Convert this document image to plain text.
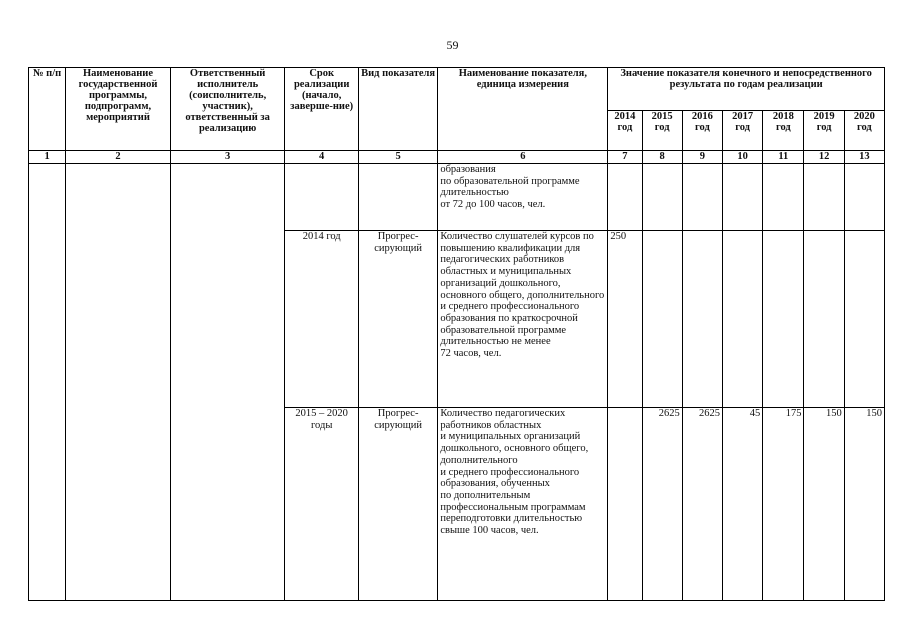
59
№ п/п	Наименование государственной программы, подпрограмм, мероприятий	Ответственный исполнитель (соисполнитель, участник), ответственный за реализацию	Срок реализации (начало, заверше-ние)	Вид показателя	Наименование показателя, единица измерения	Значение показателя конечного и непосредственного результата по годам реализации						
						2014 год	2015 год	2016 год	2017 год	2018 год	2019 год	2020 год
1	2	3	4	5	6	7	8	9	10	11	12	13
					образования
по образовательной программе длительностью
от 72 до 100 часов, чел.							
			2014 год	Прогрес-сирующий	Количество слушателей курсов по повышению квалификации для педагогических работников областных и муниципальных организаций дошкольного, основного общего, дополнительного и среднего профессионального образования по краткосрочной образовательной программе длительностью не менее
72 часов, чел.	250						
			2015 – 2020 годы	Прогрес-сирующий	Количество педагогических работников областных
и муниципальных организаций дошкольного, основного общего, дополнительного
и среднего профессионального образования, обученных
по дополнительным профессиональным программам переподготовки длительностью свыше 100 часов, чел.		2625	2625	45	175	150	150
